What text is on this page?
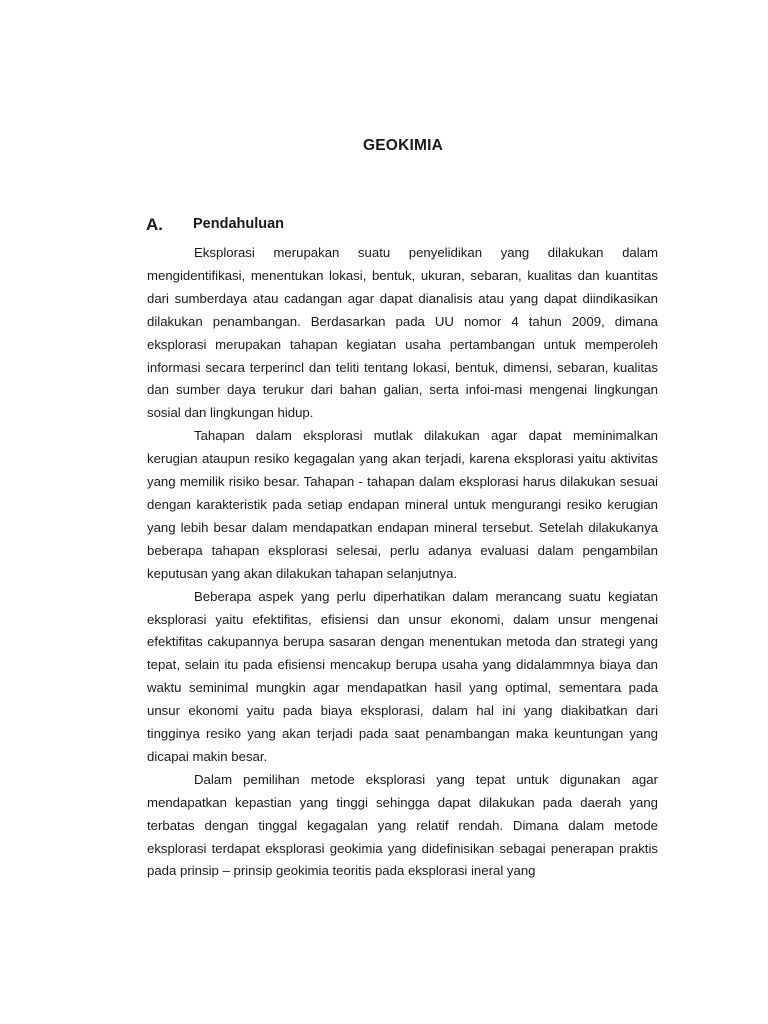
GEOKIMIA
A. Pendahuluan

Eksplorasi merupakan suatu penyelidikan yang dilakukan dalam mengidentifikasi, menentukan lokasi, bentuk, ukuran, sebaran, kualitas dan kuantitas dari sumberdaya atau cadangan agar dapat dianalisis atau yang dapat diindikasikan dilakukan penambangan. Berdasarkan pada UU nomor 4 tahun 2009, dimana eksplorasi merupakan tahapan kegiatan usaha pertambangan untuk memperoleh informasi secara terperincl dan teliti tentang lokasi, bentuk, dimensi, sebaran, kualitas dan sumber daya terukur dari bahan galian, serta infoi-masi mengenai lingkungan sosial dan lingkungan hidup.

Tahapan dalam eksplorasi mutlak dilakukan agar dapat meminimalkan kerugian ataupun resiko kegagalan yang akan terjadi, karena eksplorasi yaitu aktivitas yang memilik risiko besar. Tahapan - tahapan dalam eksplorasi harus dilakukan sesuai dengan karakteristik pada setiap endapan mineral untuk mengurangi resiko kerugian yang lebih besar dalam mendapatkan endapan mineral tersebut. Setelah dilakukanya beberapa tahapan eksplorasi selesai, perlu adanya evaluasi dalam pengambilan keputusan yang akan dilakukan tahapan selanjutnya.

Beberapa aspek yang perlu diperhatikan dalam merancang suatu kegiatan eksplorasi yaitu efektifitas, efisiensi dan unsur ekonomi, dalam unsur mengenai efektifitas cakupannya berupa sasaran dengan menentukan metoda dan strategi yang tepat, selain itu pada efisiensi mencakup berupa usaha yang didalammnya biaya dan waktu seminimal mungkin agar mendapatkan hasil yang optimal, sementara pada unsur ekonomi yaitu pada biaya eksplorasi, dalam hal ini yang diakibatkan dari tingginya resiko yang akan terjadi pada saat penambangan maka keuntungan yang dicapai makin besar.

Dalam pemilihan metode eksplorasi yang tepat untuk digunakan agar mendapatkan kepastian yang tinggi sehingga dapat dilakukan pada daerah yang terbatas dengan tinggal kegagalan yang relatif rendah. Dimana dalam metode eksplorasi terdapat eksplorasi geokimia yang didefinisikan sebagai penerapan praktis pada prinsip – prinsip geokimia teoritis pada eksplorasi ineral yang
